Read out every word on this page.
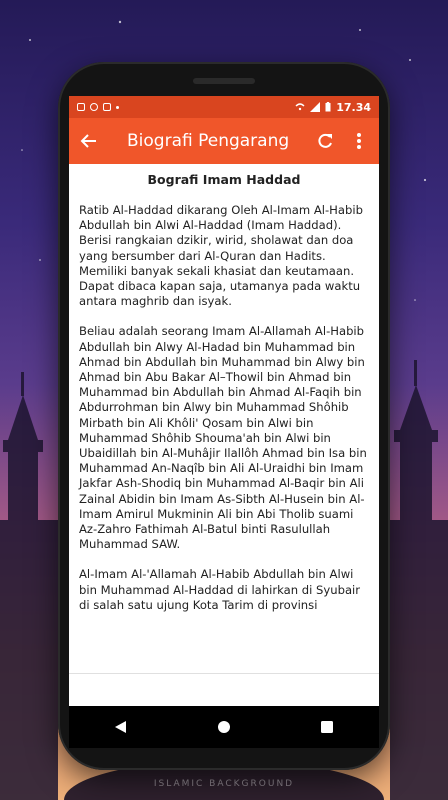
17.34
Biografi Pengarang
Bografi Imam Haddad

Ratib Al-Haddad dikarang Oleh Al-Imam Al-Habib Abdullah bin Alwi Al-Haddad (Imam Haddad). Berisi rangkaian dzikir, wirid, sholawat dan doa yang bersumber dari Al-Quran dan Hadits. Memiliki banyak sekali khasiat dan keutamaan. Dapat dibaca kapan saja, utamanya pada waktu antara maghrib dan isyak.

Beliau adalah seorang Imam Al-Allamah Al-Habib Abdullah bin Alwy Al-Hadad bin Muhammad bin Ahmad bin Abdullah bin Muhammad bin Alwy bin Ahmad bin Abu Bakar Al–Thowil bin Ahmad bin Muhammad bin Abdullah bin Ahmad Al-Faqih bin Abdurrohman bin Alwy bin Muhammad Shôhib Mirbath bin Ali Khôli' Qosam bin Alwi bin Muhammad Shôhib Shouma'ah bin Alwi bin Ubaidillah bin Al-Muhâjir Ilallôh Ahmad bin Isa bin Muhammad An-Naqîb bin Ali Al-Uraidhi bin Imam Jakfar Ash-Shodiq bin Muhammad Al-Baqir bin Ali Zainal Abidin bin Imam As-Sibth Al-Husein bin Al-Imam Amirul Mukminin Ali bin Abi Tholib suami Az-Zahro Fathimah Al-Batul binti Rasulullah Muhammad SAW.

Al-Imam Al-'Allamah Al-Habib Abdullah bin Alwi bin Muhammad Al-Haddad di lahirkan di Syubair di salah satu ujung Kota Tarim di provinsi

ISLAMIC BACKGROUND
